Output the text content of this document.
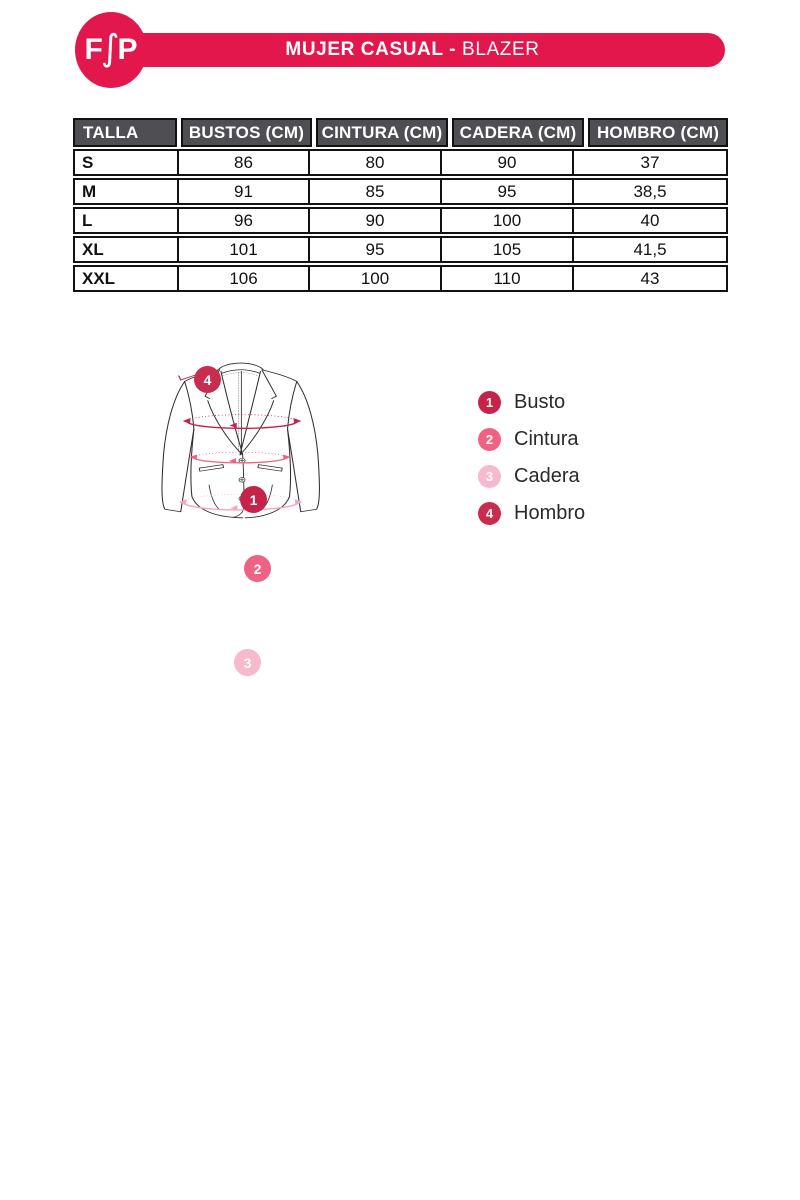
MUJER CASUAL - BLAZER
F
∫
P
TALLA	BUSTOS (CM)	CINTURA (CM)	CADERA (CM)	HOMBRO (CM)
S	86	80	90	37
M	91	85	95	38,5
L	96	90	100	40
XL	101	95	105	41,5
XXL	106	100	110	43
1
2
3
4
1	Busto
2	Cintura
3	Cadera
4	Hombro
